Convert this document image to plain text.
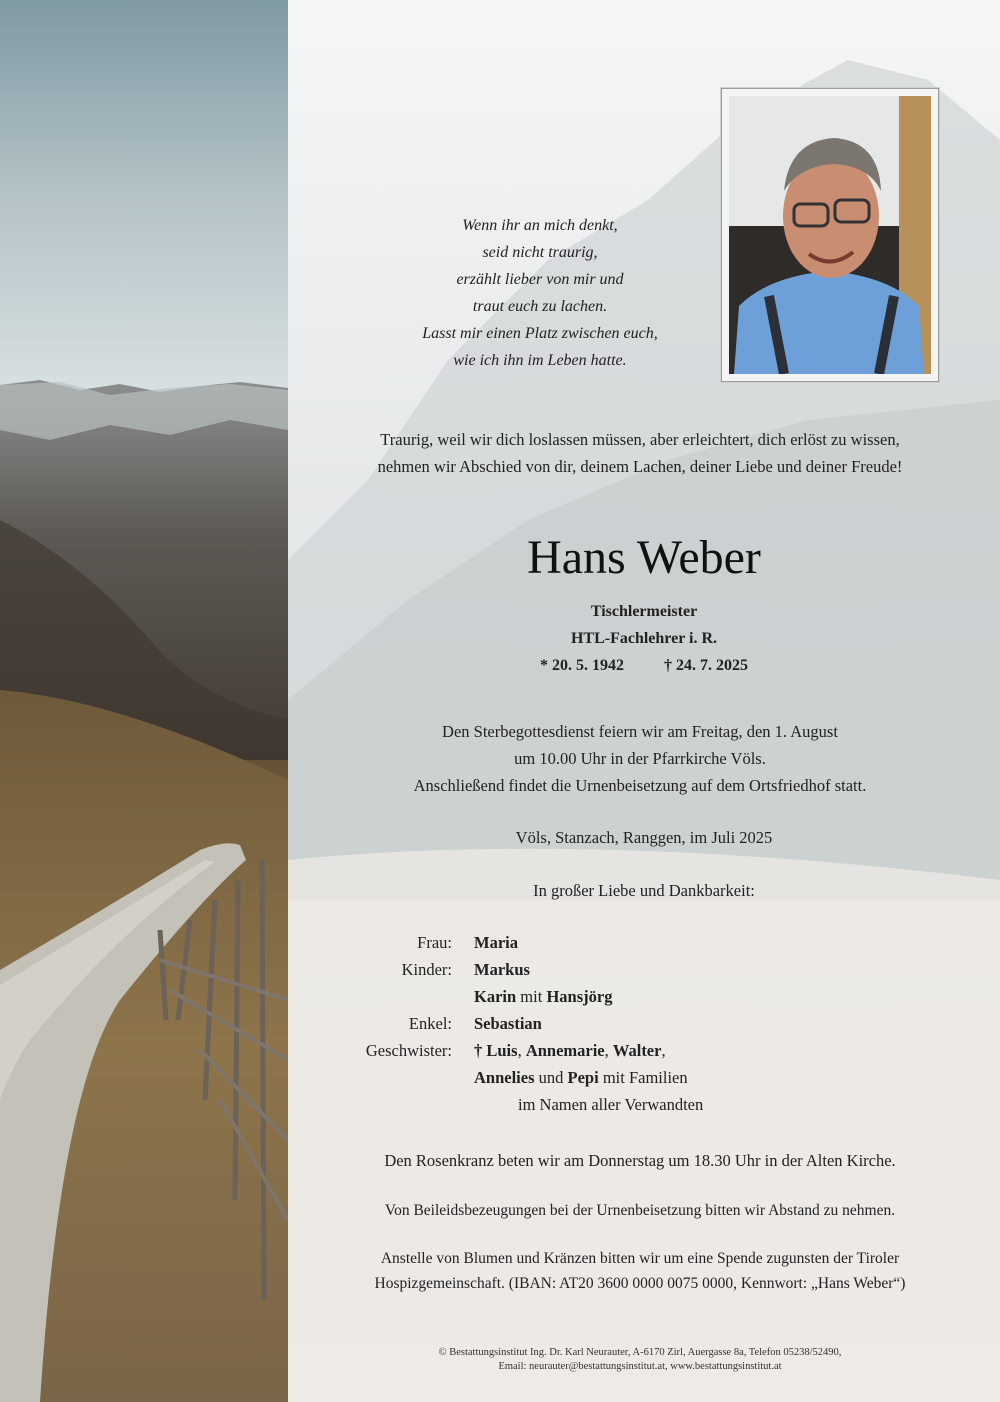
Wenn ihr an mich denkt,
seid nicht traurig,
erzählt lieber von mir und
traut euch zu lachen.
Lasst mir einen Platz zwischen euch,
wie ich ihn im Leben hatte.
Traurig, weil wir dich loslassen müssen, aber erleichtert, dich erlöst zu wissen,
nehmen wir Abschied von dir, deinem Lachen, deiner Liebe und deiner Freude!
Hans Weber
Tischlermeister
HTL-Fachlehrer i. R.
* 20. 5. 1942	† 24. 7. 2025
Den Sterbegottesdienst feiern wir am Freitag, den 1. August
um 10.00 Uhr in der Pfarrkirche Völs.
Anschließend findet die Urnenbeisetzung auf dem Ortsfriedhof statt.
Völs, Stanzach, Ranggen, im Juli 2025
In großer Liebe und Dankbarkeit:
Frau:	Maria
Kinder:	Markus
Karin mit Hansjörg
Enkel:	Sebastian
Geschwister:	† Luis, Annemarie, Walter,
Annelies und Pepi mit Familien
im Namen aller Verwandten
Den Rosenkranz beten wir am Donnerstag um 18.30 Uhr in der Alten Kirche.
Von Beileidsbezeugungen bei der Urnenbeisetzung bitten wir Abstand zu nehmen.
Anstelle von Blumen und Kränzen bitten wir um eine Spende zugunsten der Tiroler
Hospizgemeinschaft. (IBAN: AT20 3600 0000 0075 0000, Kennwort: „Hans Weber“)
© Bestattungsinstitut Ing. Dr. Karl Neurauter, A-6170 Zirl, Auergasse 8a, Telefon 05238/52490,
Email: neurauter@bestattungsinstitut.at, www.bestattungsinstitut.at
